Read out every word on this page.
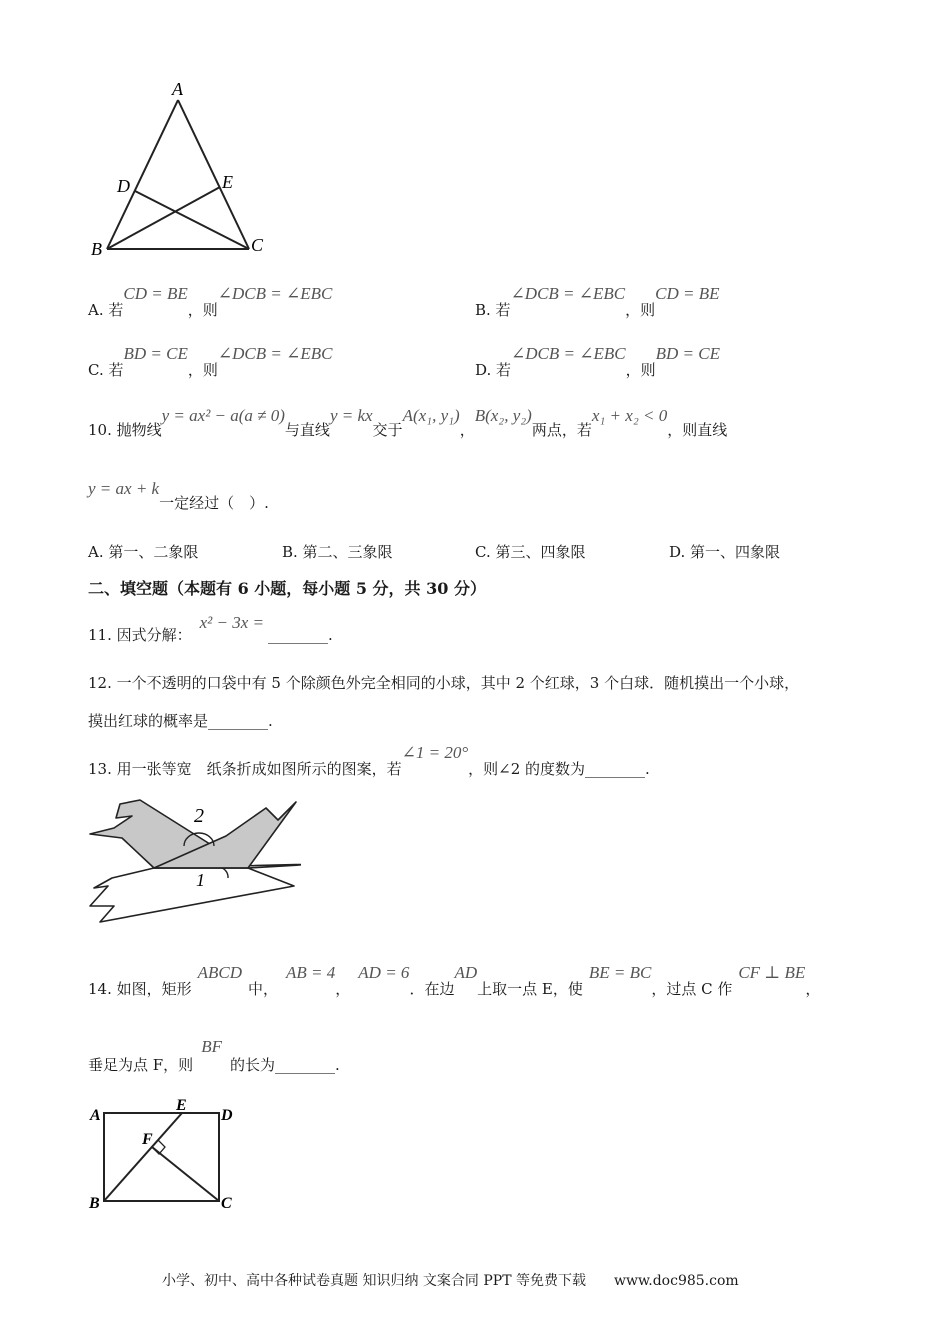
A
B	C
D	E
A. 若CD = BE，则∠DCB = ∠EBC
B. 若∠DCB = ∠EBC，则CD = BE
C. 若BD = CE，则∠DCB = ∠EBC
D. 若∠DCB = ∠EBC，则BD = CE
10. 抛物线y = ax² − a(a ≠ 0)与直线y = kx交于A(x₁, y₁)，B(x₂, y₂)两点，若x₁ + x₂ < 0，则直线
y = ax + k一定经过（　）.
A. 第一、二象限	B. 第二、三象限	C. 第三、四象限	D. 第一、四象限
二、填空题（本题有 6 小题，每小题 5 分，共 30 分）
11. 因式分解：x² − 3x =________.
12. 一个不透明的口袋中有 5 个除颜色外完全相同的小球，其中 2 个红球，3 个白球．随机摸出一个小球，
摸出红球的概率是________.
13. 用一张等宽　纸条折成如图所示的图案，若∠1 = 20°，则∠2 的度数为________.
2
1
14. 如图，矩形ABCD中，AB = 4，AD = 6．在边AD上取一点 E，使BE = BC，过点 C 作CF ⊥ BE，
垂足为点 F，则BF的长为________.
A
E
D
F
B	C
小学、初中、高中各种试卷真题 知识归纳 文案合同 PPT 等免费下载　　www.doc985.com
